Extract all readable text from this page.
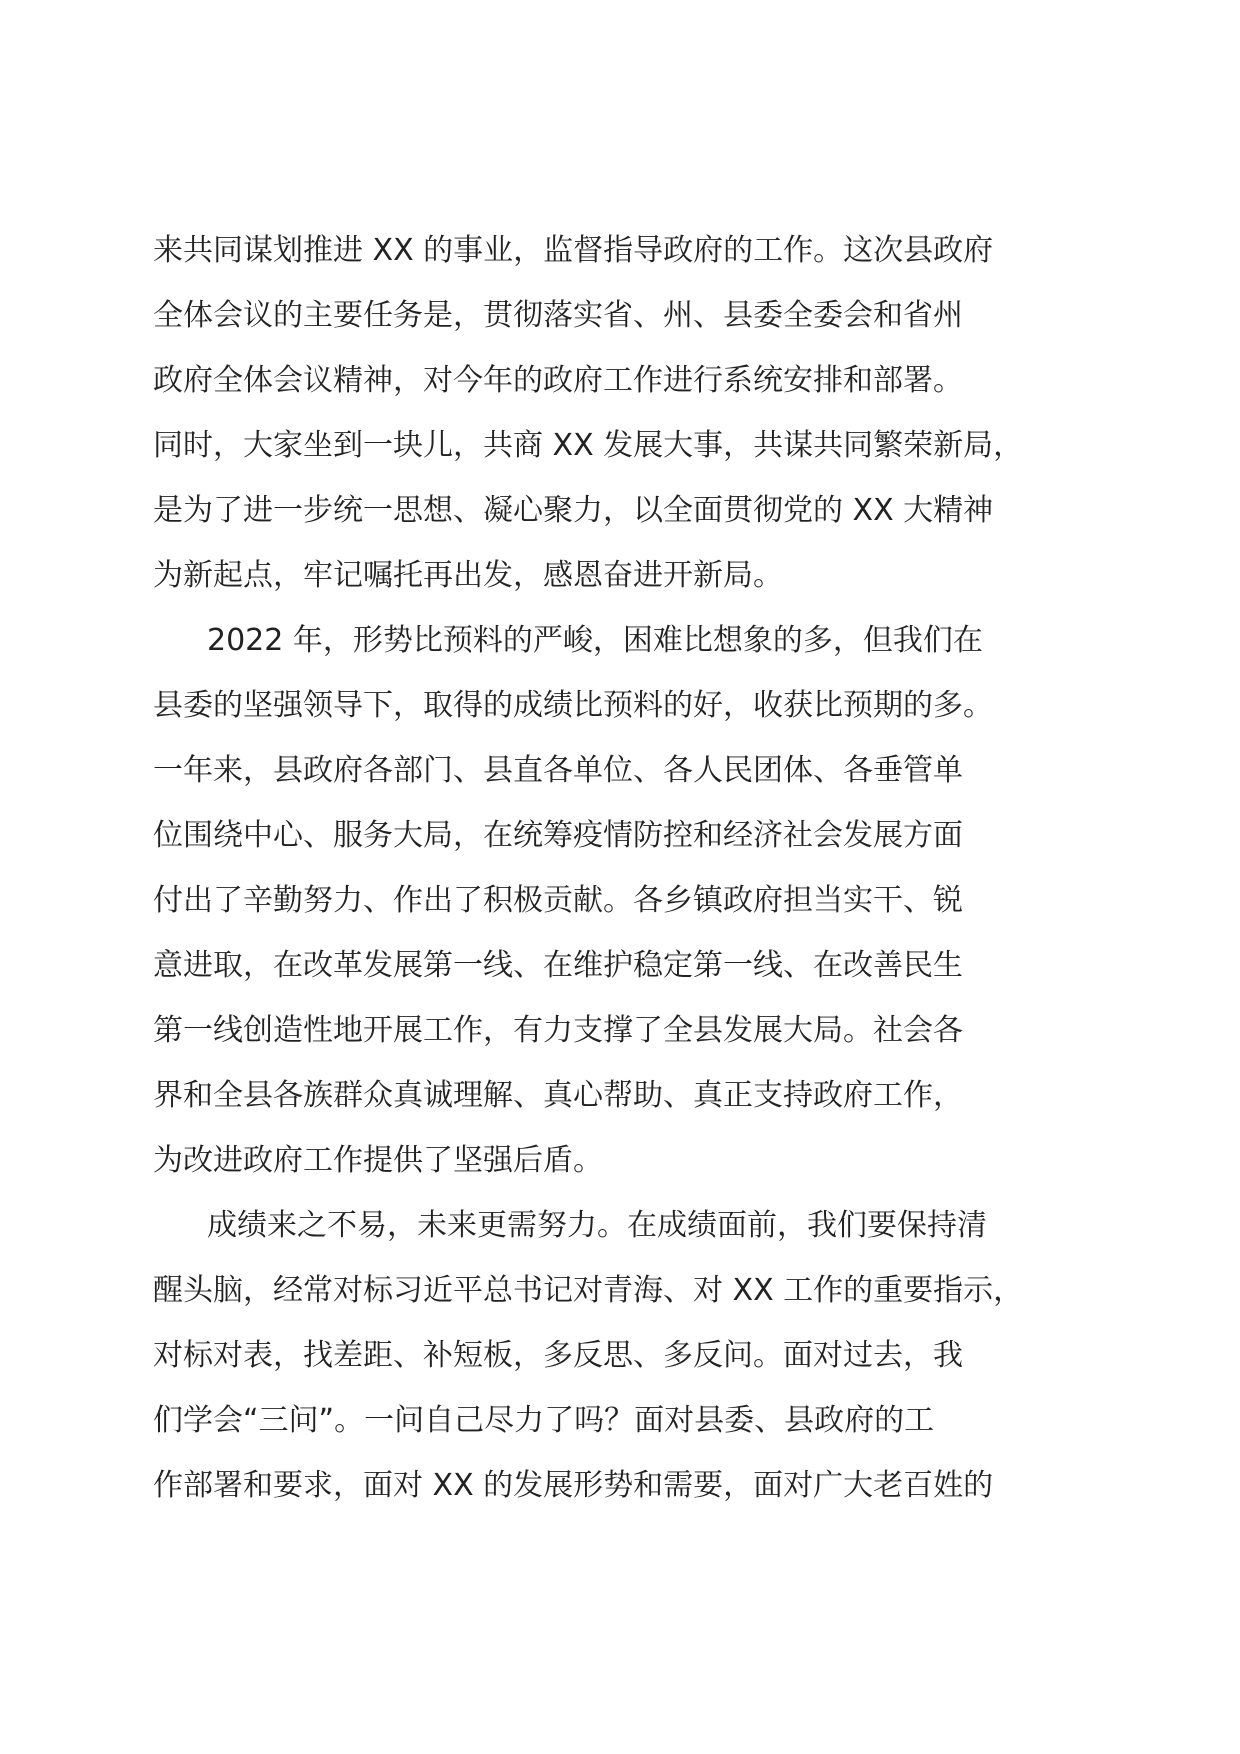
来共同谋划推进 XX 的事业，监督指导政府的工作。这次县政府
全体会议的主要任务是，贯彻落实省、州、县委全委会和省州
政府全体会议精神，对今年的政府工作进行系统安排和部署。
同时，大家坐到一块儿，共商 XX 发展大事，共谋共同繁荣新局，
是为了进一步统一思想、凝心聚力，以全面贯彻党的 XX 大精神
为新起点，牢记嘱托再出发，感恩奋进开新局。
2022 年，形势比预料的严峻，困难比想象的多，但我们在
县委的坚强领导下，取得的成绩比预料的好，收获比预期的多。
一年来，县政府各部门、县直各单位、各人民团体、各垂管单
位围绕中心、服务大局，在统筹疫情防控和经济社会发展方面
付出了辛勤努力、作出了积极贡献。各乡镇政府担当实干、锐
意进取，在改革发展第一线、在维护稳定第一线、在改善民生
第一线创造性地开展工作，有力支撑了全县发展大局。社会各
界和全县各族群众真诚理解、真心帮助、真正支持政府工作，
为改进政府工作提供了坚强后盾。
成绩来之不易，未来更需努力。在成绩面前，我们要保持清
醒头脑，经常对标习近平总书记对青海、对 XX 工作的重要指示，
对标对表，找差距、补短板，多反思、多反问。面对过去，我
们学会“三问”。一问自己尽力了吗？面对县委、县政府的工
作部署和要求，面对 XX 的发展形势和需要，面对广大老百姓的
